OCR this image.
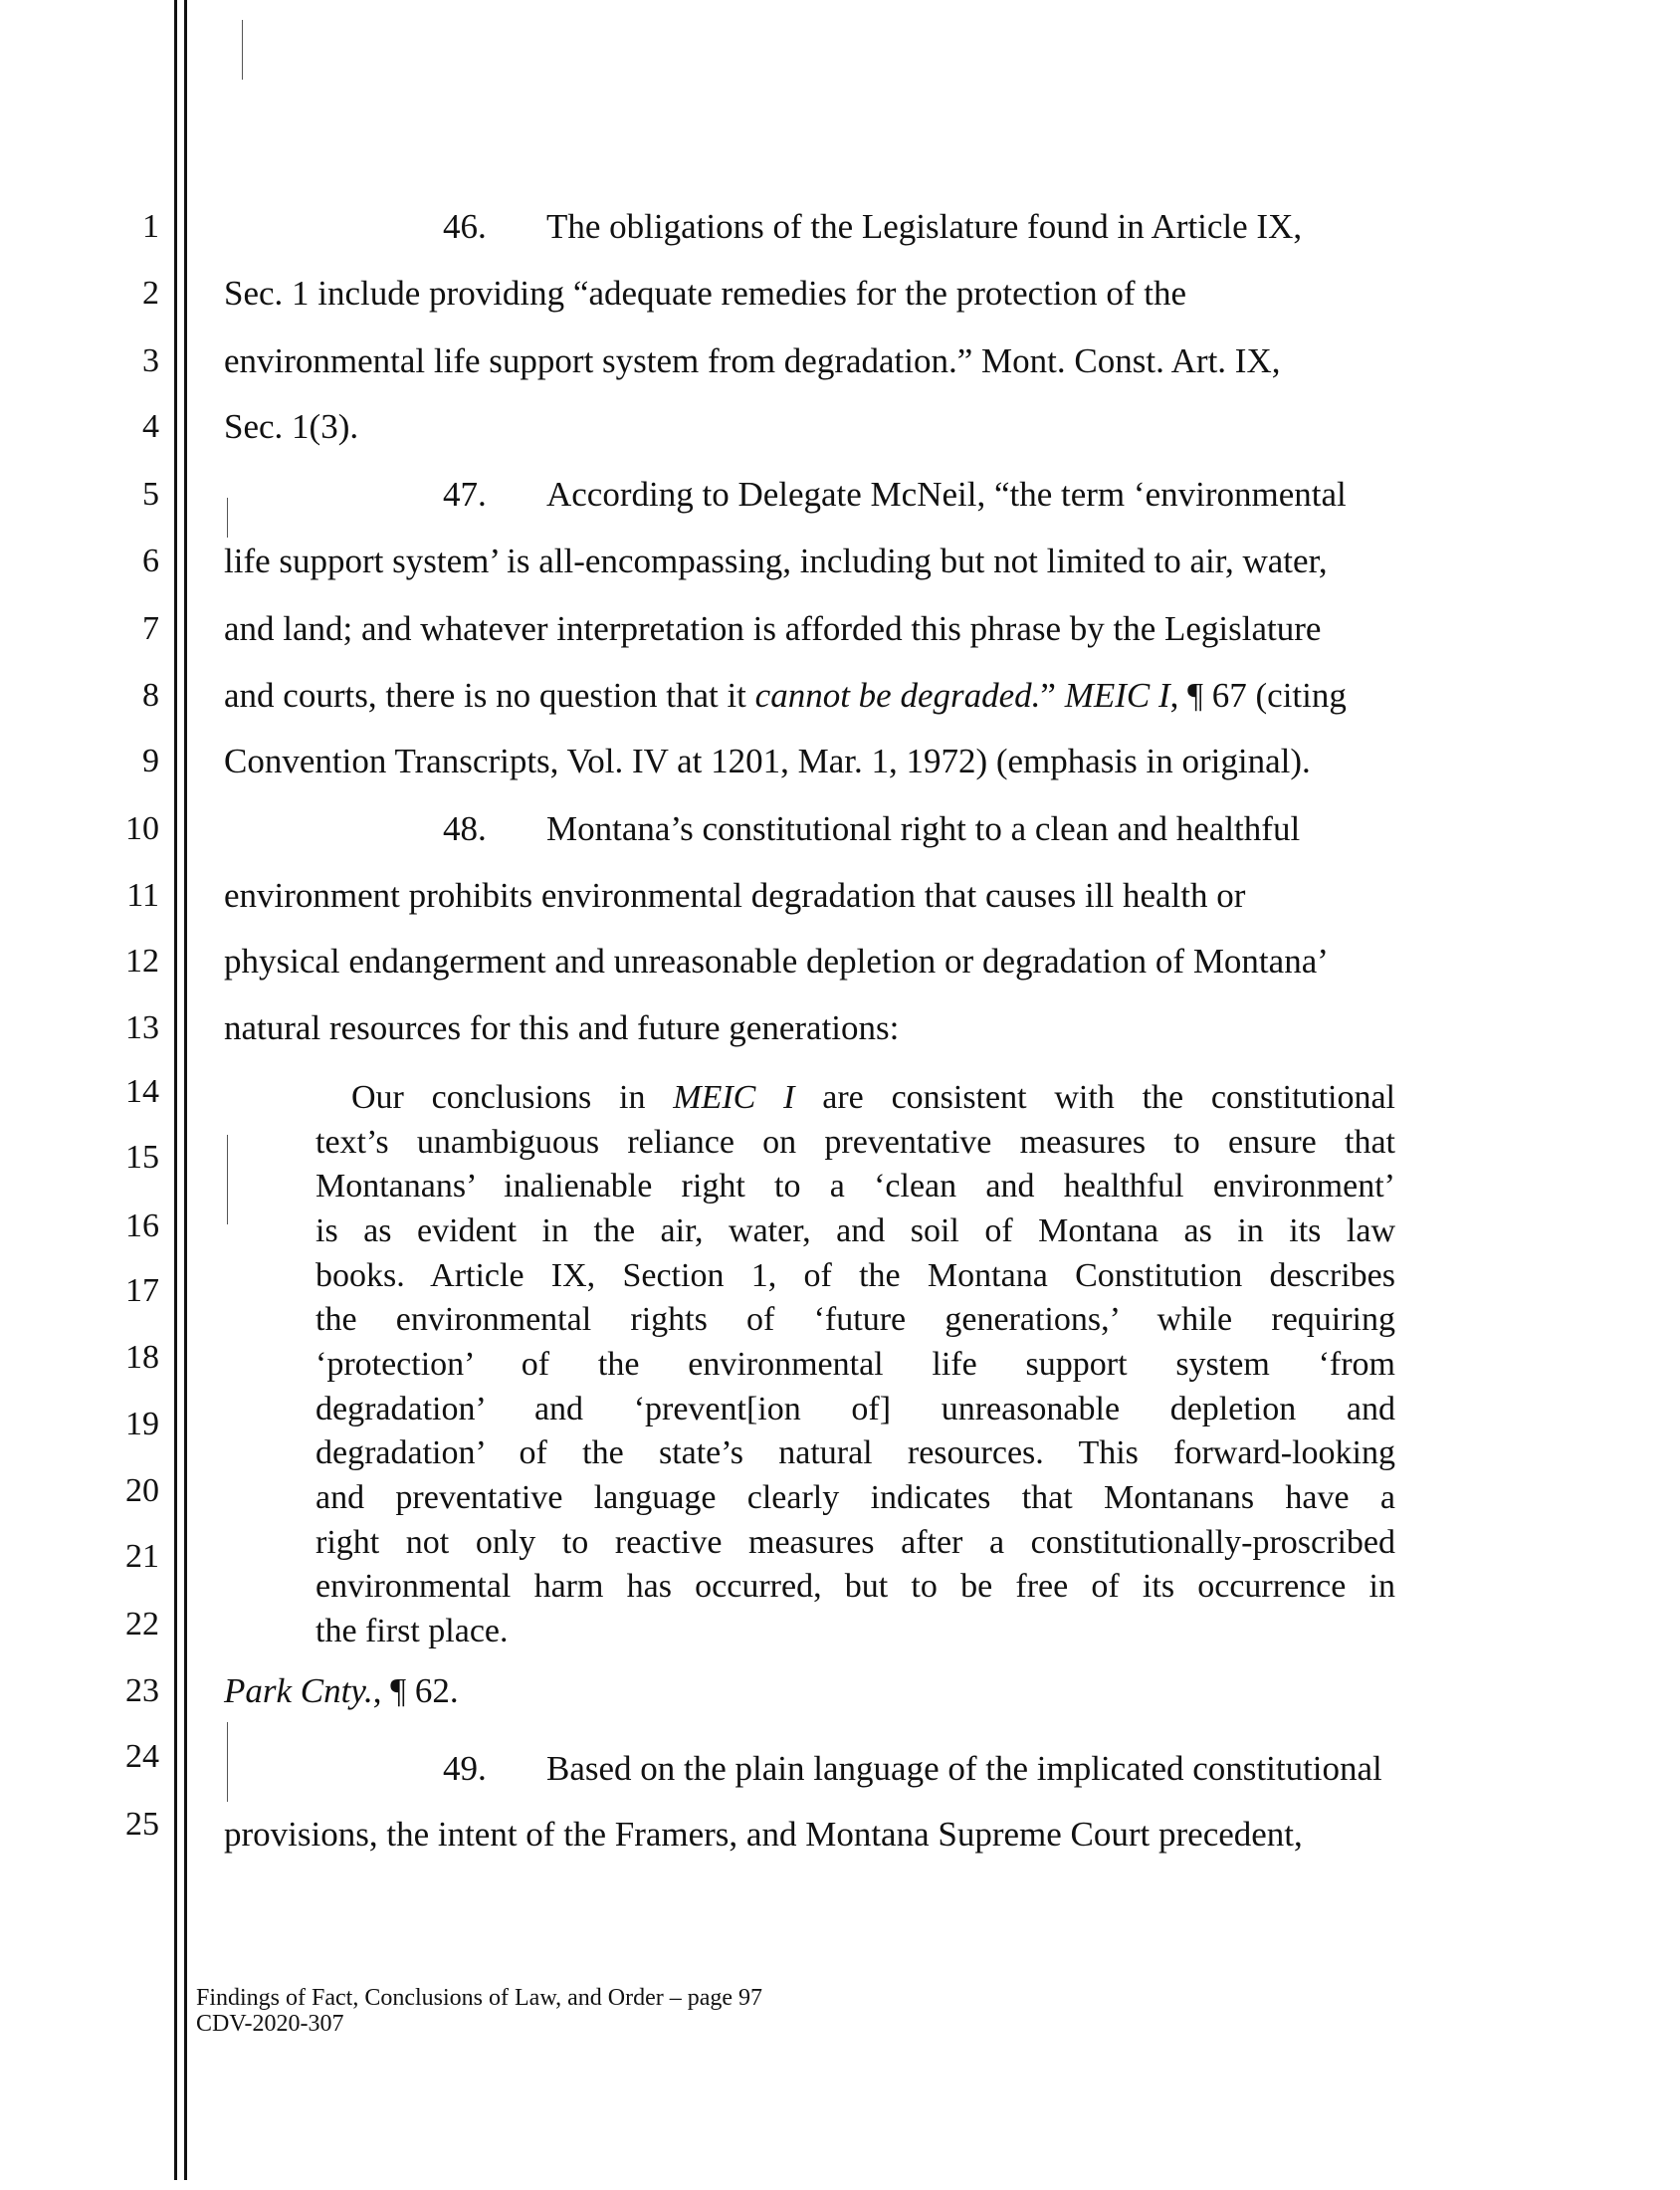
1
2
3
4
5
6
7
8
9
10
11
12
13
14
15
16
17
18
19
20
21
22
23
24
25
46. The obligations of the Legislature found in Article IX,
Sec. 1 include providing “adequate remedies for the protection of the
environmental life support system from degradation.” Mont. Const. Art. IX,
Sec. 1(3).
47. According to Delegate McNeil, “the term ‘environmental
life support system’ is all-encompassing, including but not limited to air, water,
and land; and whatever interpretation is afforded this phrase by the Legislature
and courts, there is no question that it cannot be degraded.” MEIC I, ¶ 67 (citing
Convention Transcripts, Vol. IV at 1201, Mar. 1, 1972) (emphasis in original).
48. Montana’s constitutional right to a clean and healthful
environment prohibits environmental degradation that causes ill health or
physical endangerment and unreasonable depletion or degradation of Montana’
natural resources for this and future generations:
Our conclusions in MEIC I are consistent with the constitutional
text’s unambiguous reliance on preventative measures to ensure that
Montanans’ inalienable right to a ‘clean and healthful environment’
is as evident in the air, water, and soil of Montana as in its law
books. Article IX, Section 1, of the Montana Constitution describes
the environmental rights of ‘future generations,’ while requiring
‘protection’ of the environmental life support system ‘from
degradation’ and ‘prevent[ion of] unreasonable depletion and
degradation’ of the state’s natural resources. This forward-looking
and preventative language clearly indicates that Montanans have a
right not only to reactive measures after a constitutionally-proscribed
environmental harm has occurred, but to be free of its occurrence in
the first place.
Park Cnty., ¶ 62.
49. Based on the plain language of the implicated constitutional
provisions, the intent of the Framers, and Montana Supreme Court precedent,
Findings of Fact, Conclusions of Law, and Order – page 97
CDV-2020-307
